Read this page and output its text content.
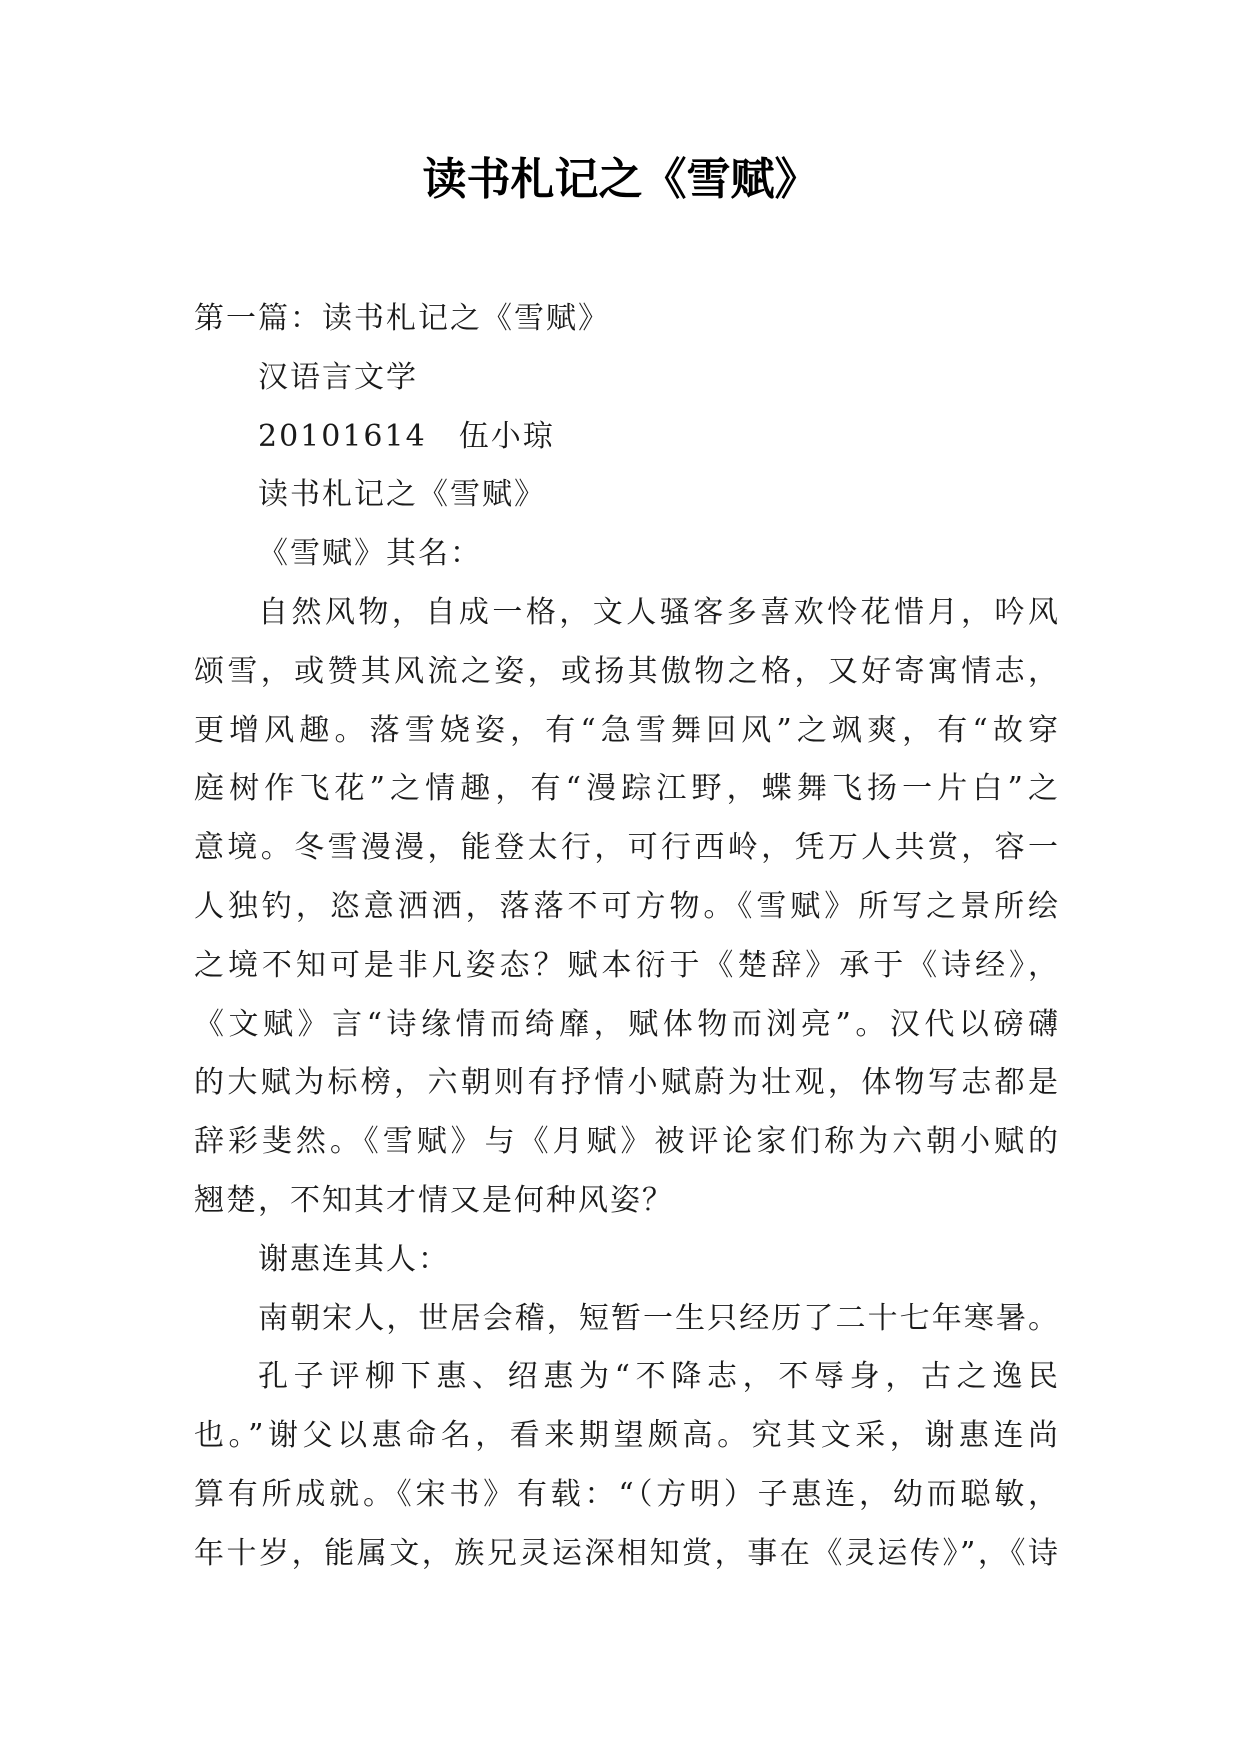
读书札记之《雪赋》
第一篇：读书札记之《雪赋》
汉语言文学
20101614　伍小琼
读书札记之《雪赋》
《雪赋》其名：
自然风物，自成一格，文人骚客多喜欢怜花惜月，吟风
颂雪，或赞其风流之姿，或扬其傲物之格，又好寄寓情志，
更增风趣。落雪娆姿，有“急雪舞回风”之飒爽，有“故穿
庭树作飞花”之情趣，有“漫踪江野，蝶舞飞扬一片白”之
意境。冬雪漫漫，能登太行，可行西岭，凭万人共赏，容一
人独钓，恣意洒洒，落落不可方物。《雪赋》所写之景所绘
之境不知可是非凡姿态？赋本衍于《楚辞》承于《诗经》，
《文赋》言“诗缘情而绮靡，赋体物而浏亮”。汉代以磅礴
的大赋为标榜，六朝则有抒情小赋蔚为壮观，体物写志都是
辞彩斐然。《雪赋》与《月赋》被评论家们称为六朝小赋的
翘楚，不知其才情又是何种风姿？
谢惠连其人：
南朝宋人，世居会稽，短暂一生只经历了二十七年寒暑。
孔子评柳下惠、绍惠为“不降志，不辱身，古之逸民
也。”谢父以惠命名，看来期望颇高。究其文采，谢惠连尚
算有所成就。《宋书》有载：“（方明）子惠连，幼而聪敏，
年十岁，能属文，族兄灵运深相知赏，事在《灵运传》”，《诗
